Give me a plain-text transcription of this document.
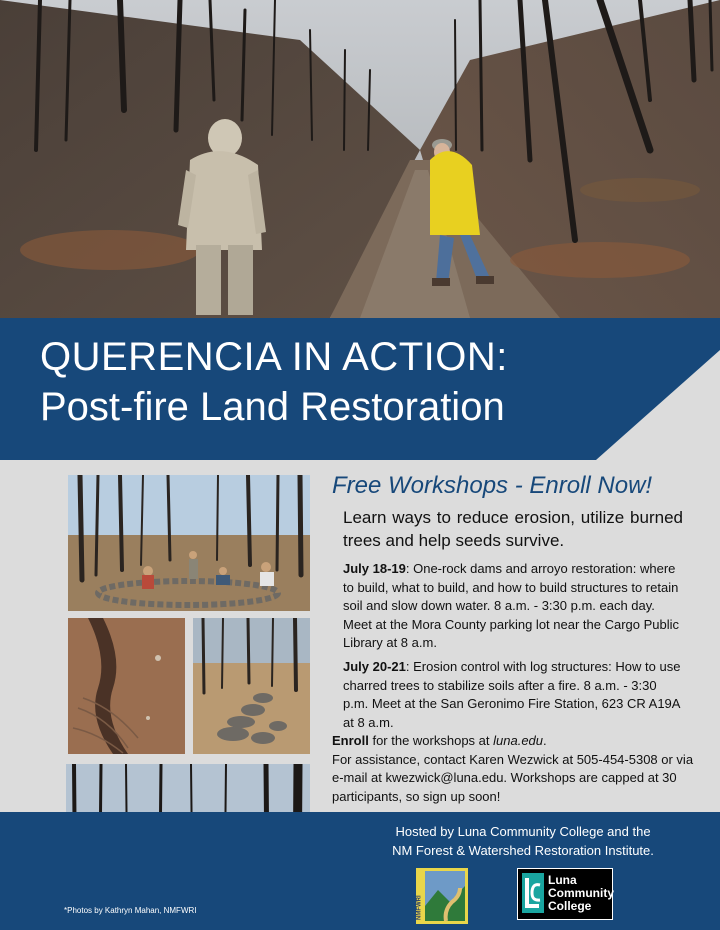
QUERENCIA IN ACTION:
Post-fire Land Restoration
Free Workshops - Enroll Now!
Learn ways to reduce erosion, utilize burned trees and help seeds survive.
July 18-19: One-rock dams and arroyo restoration: where to build, what to build, and how to build structures to retain soil and slow down water. 8 a.m. - 3:30 p.m. each day. Meet at the Mora County parking lot near the Cargo Public Library at 8 a.m.
July 20-21: Erosion control with log structures: How to use charred trees to stabilize soils after a fire. 8 a.m. - 3:30 p.m. Meet at the San Geronimo Fire Station, 623 CR A19A at 8 a.m.
Enroll for the workshops at luna.edu.
For assistance, contact Karen Wezwick at 505-454-5308 or via e-mail at kwezwick@luna.edu. Workshops are capped at 30 participants, so sign up soon!
Hosted by Luna Community College and the
NM Forest & Watershed Restoration Institute.
*Photos by Kathryn Mahan, NMFWRI	NMFWRI
Luna
Community
College
